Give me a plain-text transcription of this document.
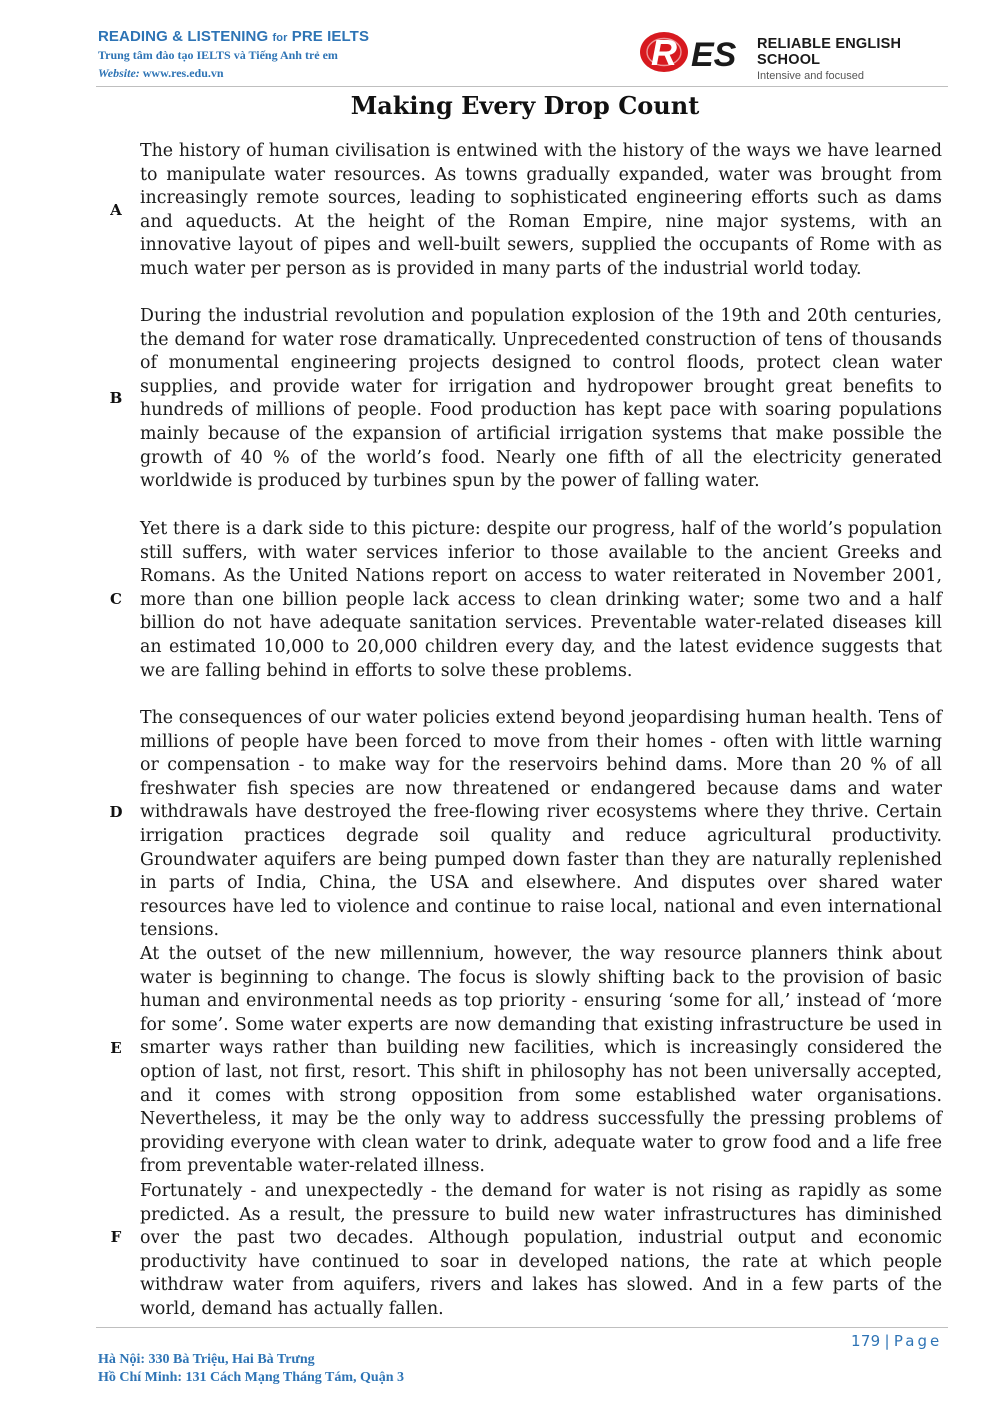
READING & LISTENING for PRE IELTS
Trung tâm đào tạo IELTS và Tiếng Anh trẻ em
Website: www.res.edu.vn	R ES RELIABLE ENGLISH SCHOOL
Intensive and focused
Making Every Drop Count
A
The history of human civilisation is entwined with the history of the ways we have learned to manipulate water resources. As towns gradually expanded, water was brought from increasingly remote sources, leading to sophisticated engineering efforts such as dams and aqueducts. At the height of the Roman Empire, nine major systems, with an innovative layout of pipes and well-built sewers, supplied the occupants of Rome with as much water per person as is provided in many parts of the industrial world today.
B
During the industrial revolution and population explosion of the 19th and 20th centuries, the demand for water rose dramatically. Unprecedented construction of tens of thousands of monumental engineering projects designed to control floods, protect clean water supplies, and provide water for irrigation and hydropower brought great benefits to hundreds of millions of people. Food production has kept pace with soaring populations mainly because of the expansion of artificial irrigation systems that make possible the growth of 40 % of the world’s food. Nearly one fifth of all the electricity generated worldwide is produced by turbines spun by the power of falling water.
C
Yet there is a dark side to this picture: despite our progress, half of the world’s population still suffers, with water services inferior to those available to the ancient Greeks and Romans. As the United Nations report on access to water reiterated in November 2001, more than one billion people lack access to clean drinking water; some two and a half billion do not have adequate sanitation services. Preventable water-related diseases kill an estimated 10,000 to 20,000 children every day, and the latest evidence suggests that we are falling behind in efforts to solve these problems.
D
The consequences of our water policies extend beyond jeopardising human health. Tens of millions of people have been forced to move from their homes - often with little warning or compensation - to make way for the reservoirs behind dams. More than 20 % of all freshwater fish species are now threatened or endangered because dams and water withdrawals have destroyed the free-flowing river ecosystems where they thrive. Certain irrigation practices degrade soil quality and reduce agricultural productivity. Groundwater aquifers are being pumped down faster than they are naturally replenished in parts of India, China, the USA and elsewhere. And disputes over shared water resources have led to violence and continue to raise local, national and even international tensions.
E
At the outset of the new millennium, however, the way resource planners think about water is beginning to change. The focus is slowly shifting back to the provision of basic human and environmental needs as top priority - ensuring ‘some for all,’ instead of ‘more for some’. Some water experts are now demanding that existing infrastructure be used in smarter ways rather than building new facilities, which is increasingly considered the option of last, not first, resort. This shift in philosophy has not been universally accepted, and it comes with strong opposition from some established water organisations. Nevertheless, it may be the only way to address successfully the pressing problems of providing everyone with clean water to drink, adequate water to grow food and a life free from preventable water-related illness.
F
Fortunately - and unexpectedly - the demand for water is not rising as rapidly as some predicted. As a result, the pressure to build new water infrastructures has diminished over the past two decades. Although population, industrial output and economic productivity have continued to soar in developed nations, the rate at which people withdraw water from aquifers, rivers and lakes has slowed. And in a few parts of the world, demand has actually fallen.
179 | Page
Hà Nội: 330 Bà Triệu, Hai Bà Trưng
Hồ Chí Minh: 131 Cách Mạng Tháng Tám, Quận 3
